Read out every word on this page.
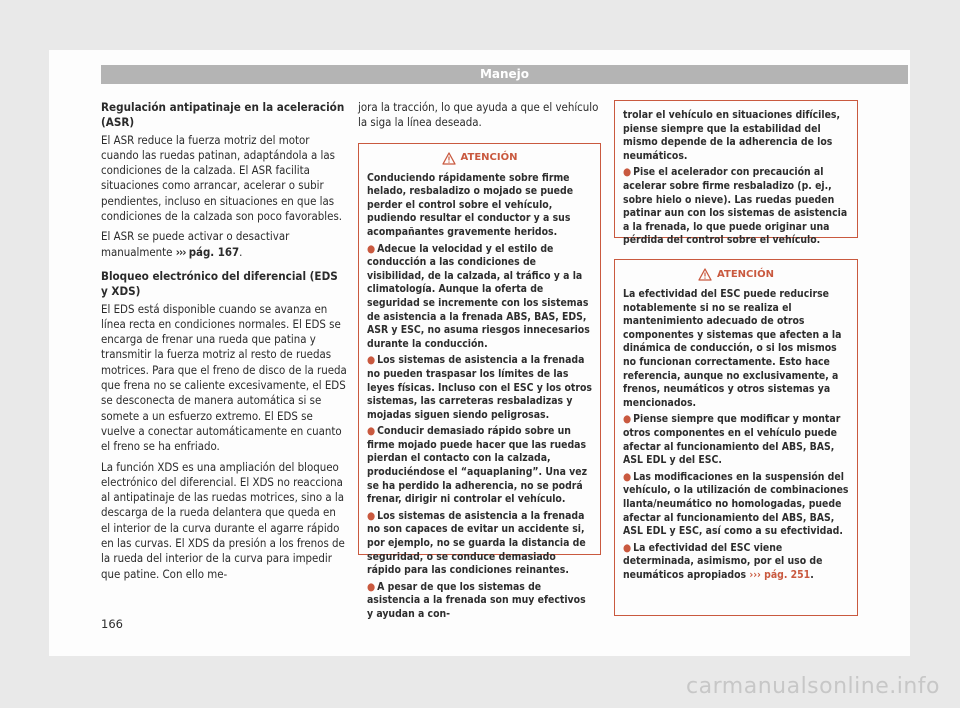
Manejo
Regulación antipatinaje en la aceleración (ASR)

El ASR reduce la fuerza motriz del motor cuando las ruedas patinan, adaptándola a las condiciones de la calzada. El ASR facilita situaciones como arrancar, acelerar o subir pendientes, incluso en situaciones en que las condiciones de la calzada son poco favorables.

El ASR se puede activar o desactivar manualmente ››› pág. 167.

Bloqueo electrónico del diferencial (EDS y XDS)

El EDS está disponible cuando se avanza en línea recta en condiciones normales. El EDS se encarga de frenar una rueda que patina y transmitir la fuerza motriz al resto de ruedas motrices. Para que el freno de disco de la rueda que frena no se caliente excesivamente, el EDS se desconecta de manera automática si se somete a un esfuerzo extremo. El EDS se vuelve a conectar automáticamente en cuanto el freno se ha enfriado.

La función XDS es una ampliación del bloqueo electrónico del diferencial. El XDS no reacciona al antipatinaje de las ruedas motrices, sino a la descarga de la rueda delantera que queda en el interior de la curva durante el agarre rápido en las curvas. El XDS da presión a los frenos de la rueda del interior de la curva para impedir que patine. Con ello me-

jora la tracción, lo que ayuda a que el vehículo la siga la línea deseada.

ATENCIÓN

Conduciendo rápidamente sobre firme helado, resbaladizo o mojado se puede perder el control sobre el vehículo, pudiendo resultar el conductor y a sus acompañantes gravemente heridos.

● Adecue la velocidad y el estilo de conducción a las condiciones de visibilidad, de la calzada, al tráfico y a la climatología. Aunque la oferta de seguridad se incremente con los sistemas de asistencia a la frenada ABS, BAS, EDS, ASR y ESC, no asuma riesgos innecesarios durante la conducción.

● Los sistemas de asistencia a la frenada no pueden traspasar los límites de las leyes físicas. Incluso con el ESC y los otros sistemas, las carreteras resbaladizas y mojadas siguen siendo peligrosas.

● Conducir demasiado rápido sobre un firme mojado puede hacer que las ruedas pierdan el contacto con la calzada, produciéndose el “aquaplaning”. Una vez se ha perdido la adherencia, no se podrá frenar, dirigir ni controlar el vehículo.

● Los sistemas de asistencia a la frenada no son capaces de evitar un accidente si, por ejemplo, no se guarda la distancia de seguridad, o se conduce demasiado rápido para las condiciones reinantes.

● A pesar de que los sistemas de asistencia a la frenada son muy efectivos y ayudan a con-

trolar el vehículo en situaciones difíciles, piense siempre que la estabilidad del mismo depende de la adherencia de los neumáticos.

● Pise el acelerador con precaución al acelerar sobre firme resbaladizo (p. ej., sobre hielo o nieve). Las ruedas pueden patinar aun con los sistemas de asistencia a la frenada, lo que puede originar una pérdida del control sobre el vehículo.

ATENCIÓN

La efectividad del ESC puede reducirse notablemente si no se realiza el mantenimiento adecuado de otros componentes y sistemas que afecten a la dinámica de conducción, o si los mismos no funcionan correctamente. Esto hace referencia, aunque no exclusivamente, a frenos, neumáticos y otros sistemas ya mencionados.

● Piense siempre que modificar y montar otros componentes en el vehículo puede afectar al funcionamiento del ABS, BAS, ASL EDL y del ESC.

● Las modificaciones en la suspensión del vehículo, o la utilización de combinaciones llanta/neumático no homologadas, puede afectar al funcionamiento del ABS, BAS, ASL EDL y ESC, así como a su efectividad.

● La efectividad del ESC viene determinada, asimismo, por el uso de neumáticos apropiados ››› pág. 251.

166
carmanualsonline.info
